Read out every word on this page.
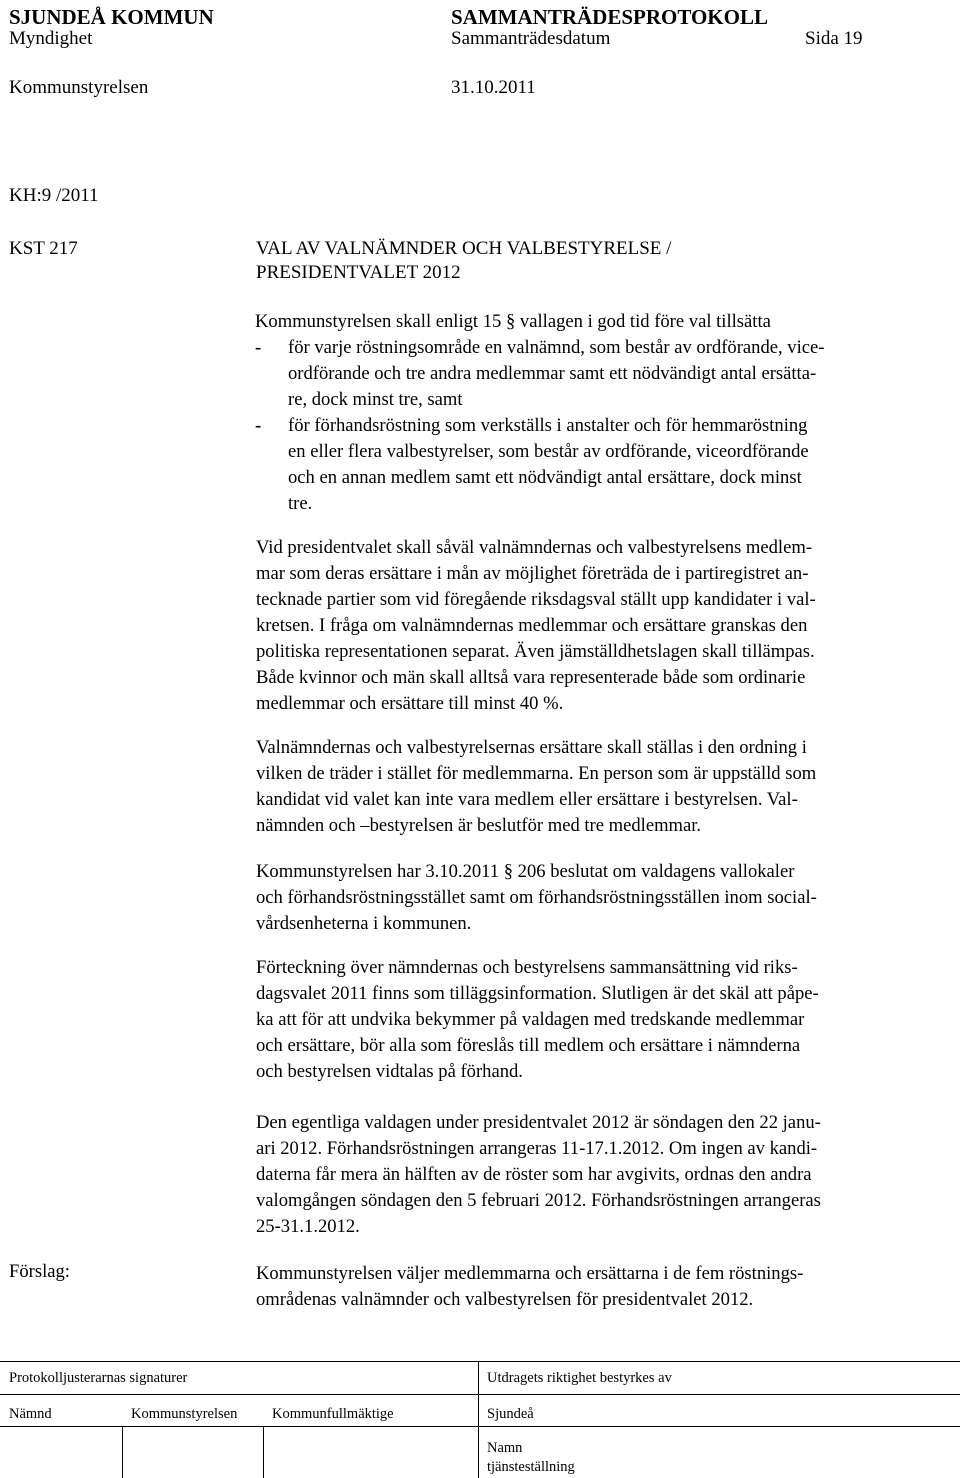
SJUNDEÅ KOMMUN	SAMMANTRÄDESPROTOKOLL
Myndighet	Sammanträdesdatum	Sida 19
Kommunstyrelsen	31.10.2011
KH:9 /2011
KST 217	VAL AV VALNÄMNDER OCH VALBESTYRELSE /
PRESIDENTVALET 2012
Kommunstyrelsen skall enligt 15 § vallagen i god tid före val tillsätta
- för varje röstningsområde en valnämnd, som består av ordförande, vice-
ordförande och tre andra medlemmar samt ett nödvändigt antal ersätta-
re, dock minst tre, samt
- för förhandsröstning som verkställs i anstalter och för hemmaröstning
en eller flera valbestyrelser, som består av ordförande, viceordförande
och en annan medlem samt ett nödvändigt antal ersättare, dock minst
tre.
Vid presidentvalet skall såväl valnämndernas och valbestyrelsens medlem-
mar som deras ersättare i mån av möjlighet företräda de i partiregistret an-
tecknade partier som vid föregående riksdagsval ställt upp kandidater i val-
kretsen. I fråga om valnämndernas medlemmar och ersättare granskas den
politiska representationen separat. Även jämställdhetslagen skall tillämpas.
Både kvinnor och män skall alltså vara representerade både som ordinarie
medlemmar och ersättare till minst 40 %.
Valnämndernas och valbestyrelsernas ersättare skall ställas i den ordning i
vilken de träder i stället för medlemmarna. En person som är uppställd som
kandidat vid valet kan inte vara medlem eller ersättare i bestyrelsen. Val-
nämnden och –bestyrelsen är beslutför med tre medlemmar.
Kommunstyrelsen har 3.10.2011 § 206 beslutat om valdagens vallokaler
och förhandsröstningsstället samt om förhandsröstningsställen inom social-
vårdsenheterna i kommunen.
Förteckning över nämndernas och bestyrelsens sammansättning vid riks-
dagsvalet 2011 finns som tilläggsinformation. Slutligen är det skäl att påpe-
ka att för att undvika bekymmer på valdagen med tredskande medlemmar
och ersättare, bör alla som föreslås till medlem och ersättare i nämnderna
och bestyrelsen vidtalas på förhand.
Den egentliga valdagen under presidentvalet 2012 är söndagen den 22 janu-
ari 2012. Förhandsröstningen arrangeras 11-17.1.2012. Om ingen av kandi-
daterna får mera än hälften av de röster som har avgivits, ordnas den andra
valomgången söndagen den 5 februari 2012. Förhandsröstningen arrangeras
25-31.1.2012.
Förslag:	Kommunstyrelsen väljer medlemmarna och ersättarna i de fem röstnings-
områdenas valnämnder och valbestyrelsen för presidentvalet 2012.
Protokolljusterarnas signaturer	Utdragets riktighet bestyrkes av
Nämnd	Kommunstyrelsen Kommunfullmäktige	Sjundeå
Namn
tjänsteställning
